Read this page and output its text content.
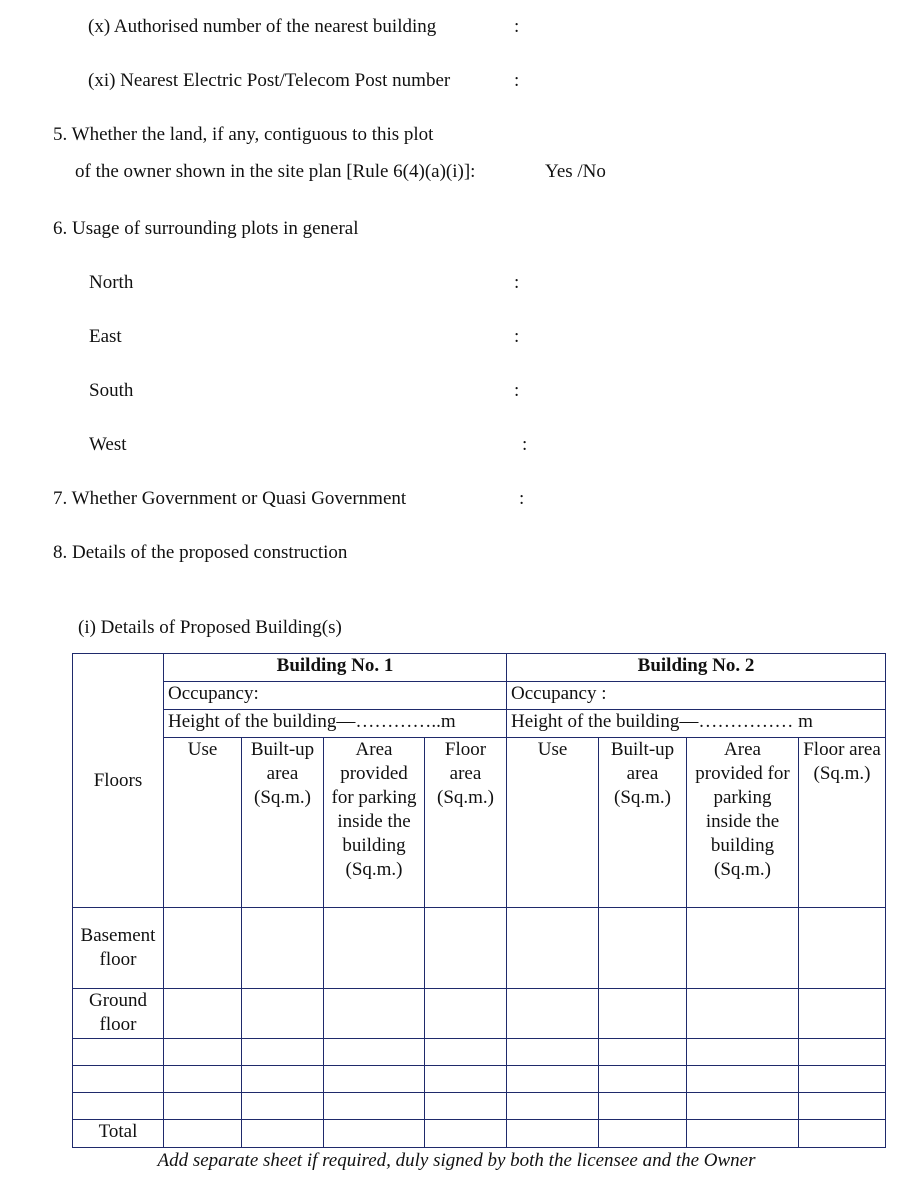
(x) Authorised number of the nearest building	:
(xi) Nearest Electric Post/Telecom Post number	:
5. Whether the land, if any, contiguous to this plot
of the owner shown in the site plan [Rule 6(4)(a)(i)]:	Yes /No
6. Usage of surrounding plots in general
North	:
East	:
South	:
West	:
7. Whether Government or Quasi Government	:
8. Details of the proposed construction
(i) Details of Proposed Building(s)
Floors	Building No. 1				Building No. 2			
	Occupancy:				Occupancy :			
	Height of the building—…………..m				Height of the building—…………… m			
	Use	Built-up area (Sq.m.)	Area provided for parking inside the building (Sq.m.)	Floor area (Sq.m.)	Use	Built-up area (Sq.m.)	Area provided for parking inside the building (Sq.m.)	Floor area (Sq.m.)
Basement floor								
Ground floor								

Total								
Add separate sheet if required, duly signed by both the licensee and the Owner
